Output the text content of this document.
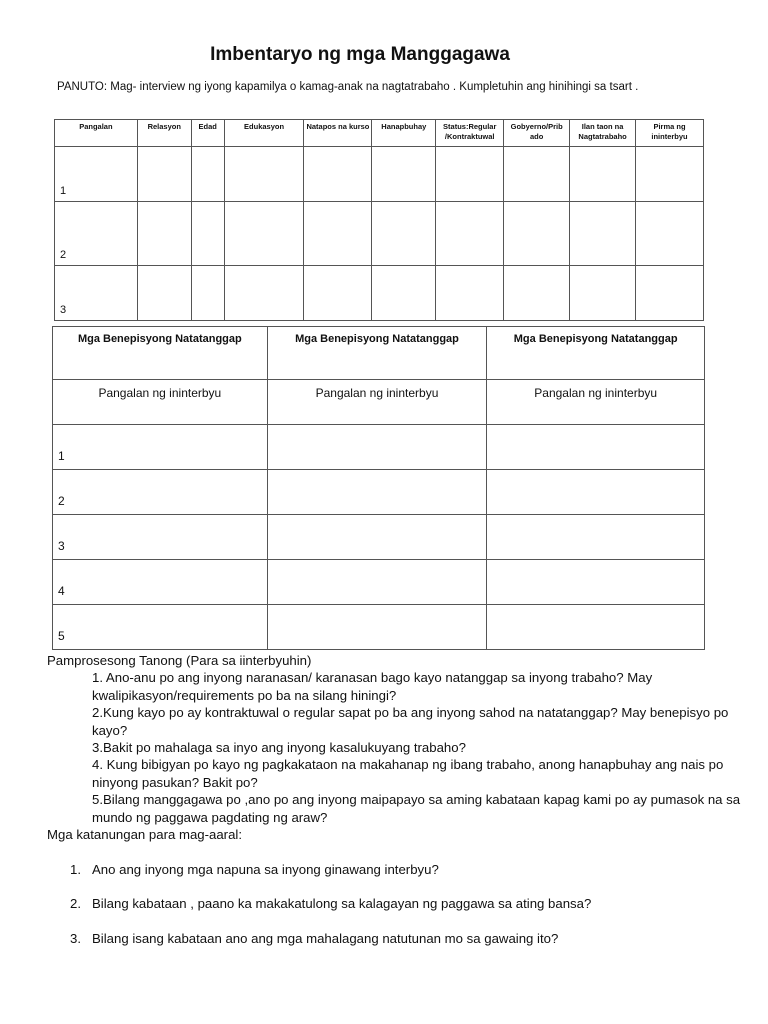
Imbentaryo ng mga Manggagawa
PANUTO: Mag- interview ng iyong kapamilya o kamag-anak na nagtatrabaho . Kumpletuhin ang hinihingi sa tsart .
Pangalan	Relasyon	Edad	Edukasyon	Natapos na kurso	Hanapbuhay	Status:Regular /Kontraktuwal	Gobyerno/Prib ado	Ilan taon na Nagtatrabaho	Pirma ng ininterbyu
1									
2									
3									
Mga Benepisyong Natatanggap	Mga Benepisyong Natatanggap	Mga Benepisyong Natatanggap
Pangalan ng ininterbyu	Pangalan ng ininterbyu	Pangalan ng ininterbyu
1		
2		
3		
4		
5		

Pamprosesong Tanong (Para sa iinterbyuhin)

1. Ano-anu po ang inyong naranasan/ karanasan bago kayo natanggap sa inyong trabaho? May kwalipikasyon/requirements po ba na silang hiningi?

2.Kung kayo po ay kontraktuwal o regular sapat po ba ang inyong sahod na natatanggap? May benepisyo po kayo?

3.Bakit po mahalaga sa inyo ang inyong kasalukuyang trabaho?

4. Kung bibigyan po kayo ng pagkakataon na makahanap ng ibang trabaho, anong hanapbuhay ang nais po ninyong pasukan? Bakit po?

5.Bilang manggagawa po ,ano po ang inyong maipapayo sa aming kabataan kapag kami po ay pumasok na sa mundo ng paggawa pagdating ng araw?

Mga katanungan para mag-aaral:

1. Ano ang inyong mga napuna sa inyong ginawang interbyu?
2. Bilang kabataan , paano ka makakatulong sa kalagayan ng paggawa sa ating bansa?
3. Bilang isang kabataan ano ang mga mahalagang natutunan mo sa gawaing ito?
